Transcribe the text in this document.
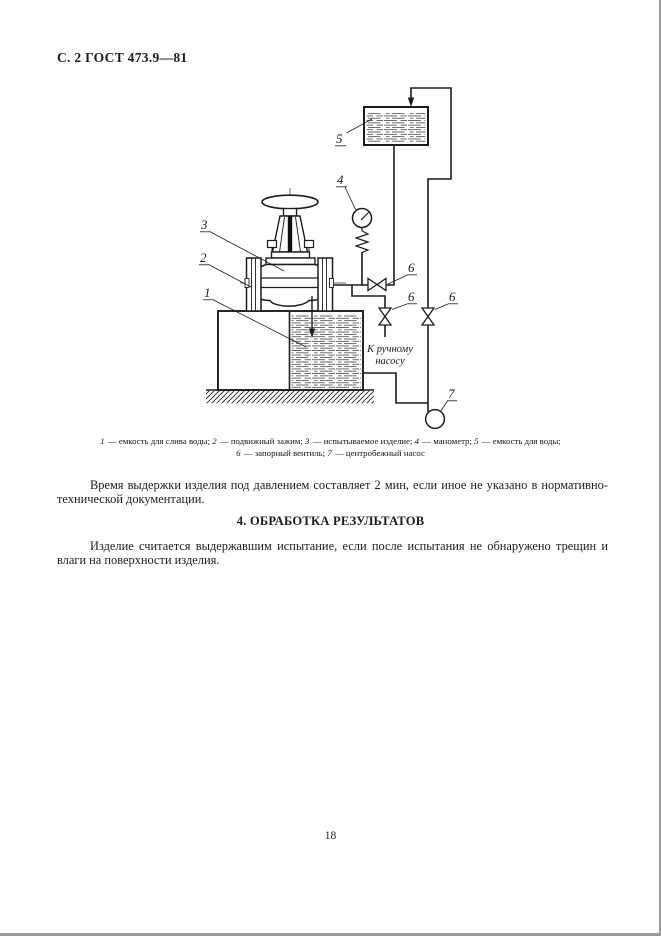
С. 2 ГОСТ 473.9—81
5
4
3
2
1
6
6	6
7
К ручному
насосу
1 — емкость для слива воды; 2 — подвижный зажим; 3 — испытываемое изделие; 4 — манометр; 5 — емкость для воды;
6 — запорный вентиль; 7 — центробежный насос
Время выдержки изделия под давлением составляет 2 мин, если иное не указано в нормативно-технической документации.
4. ОБРАБОТКА РЕЗУЛЬТАТОВ
Изделие считается выдержавшим испытание, если после испытания не обнаружено трещин и влаги на поверхности изделия.
18
